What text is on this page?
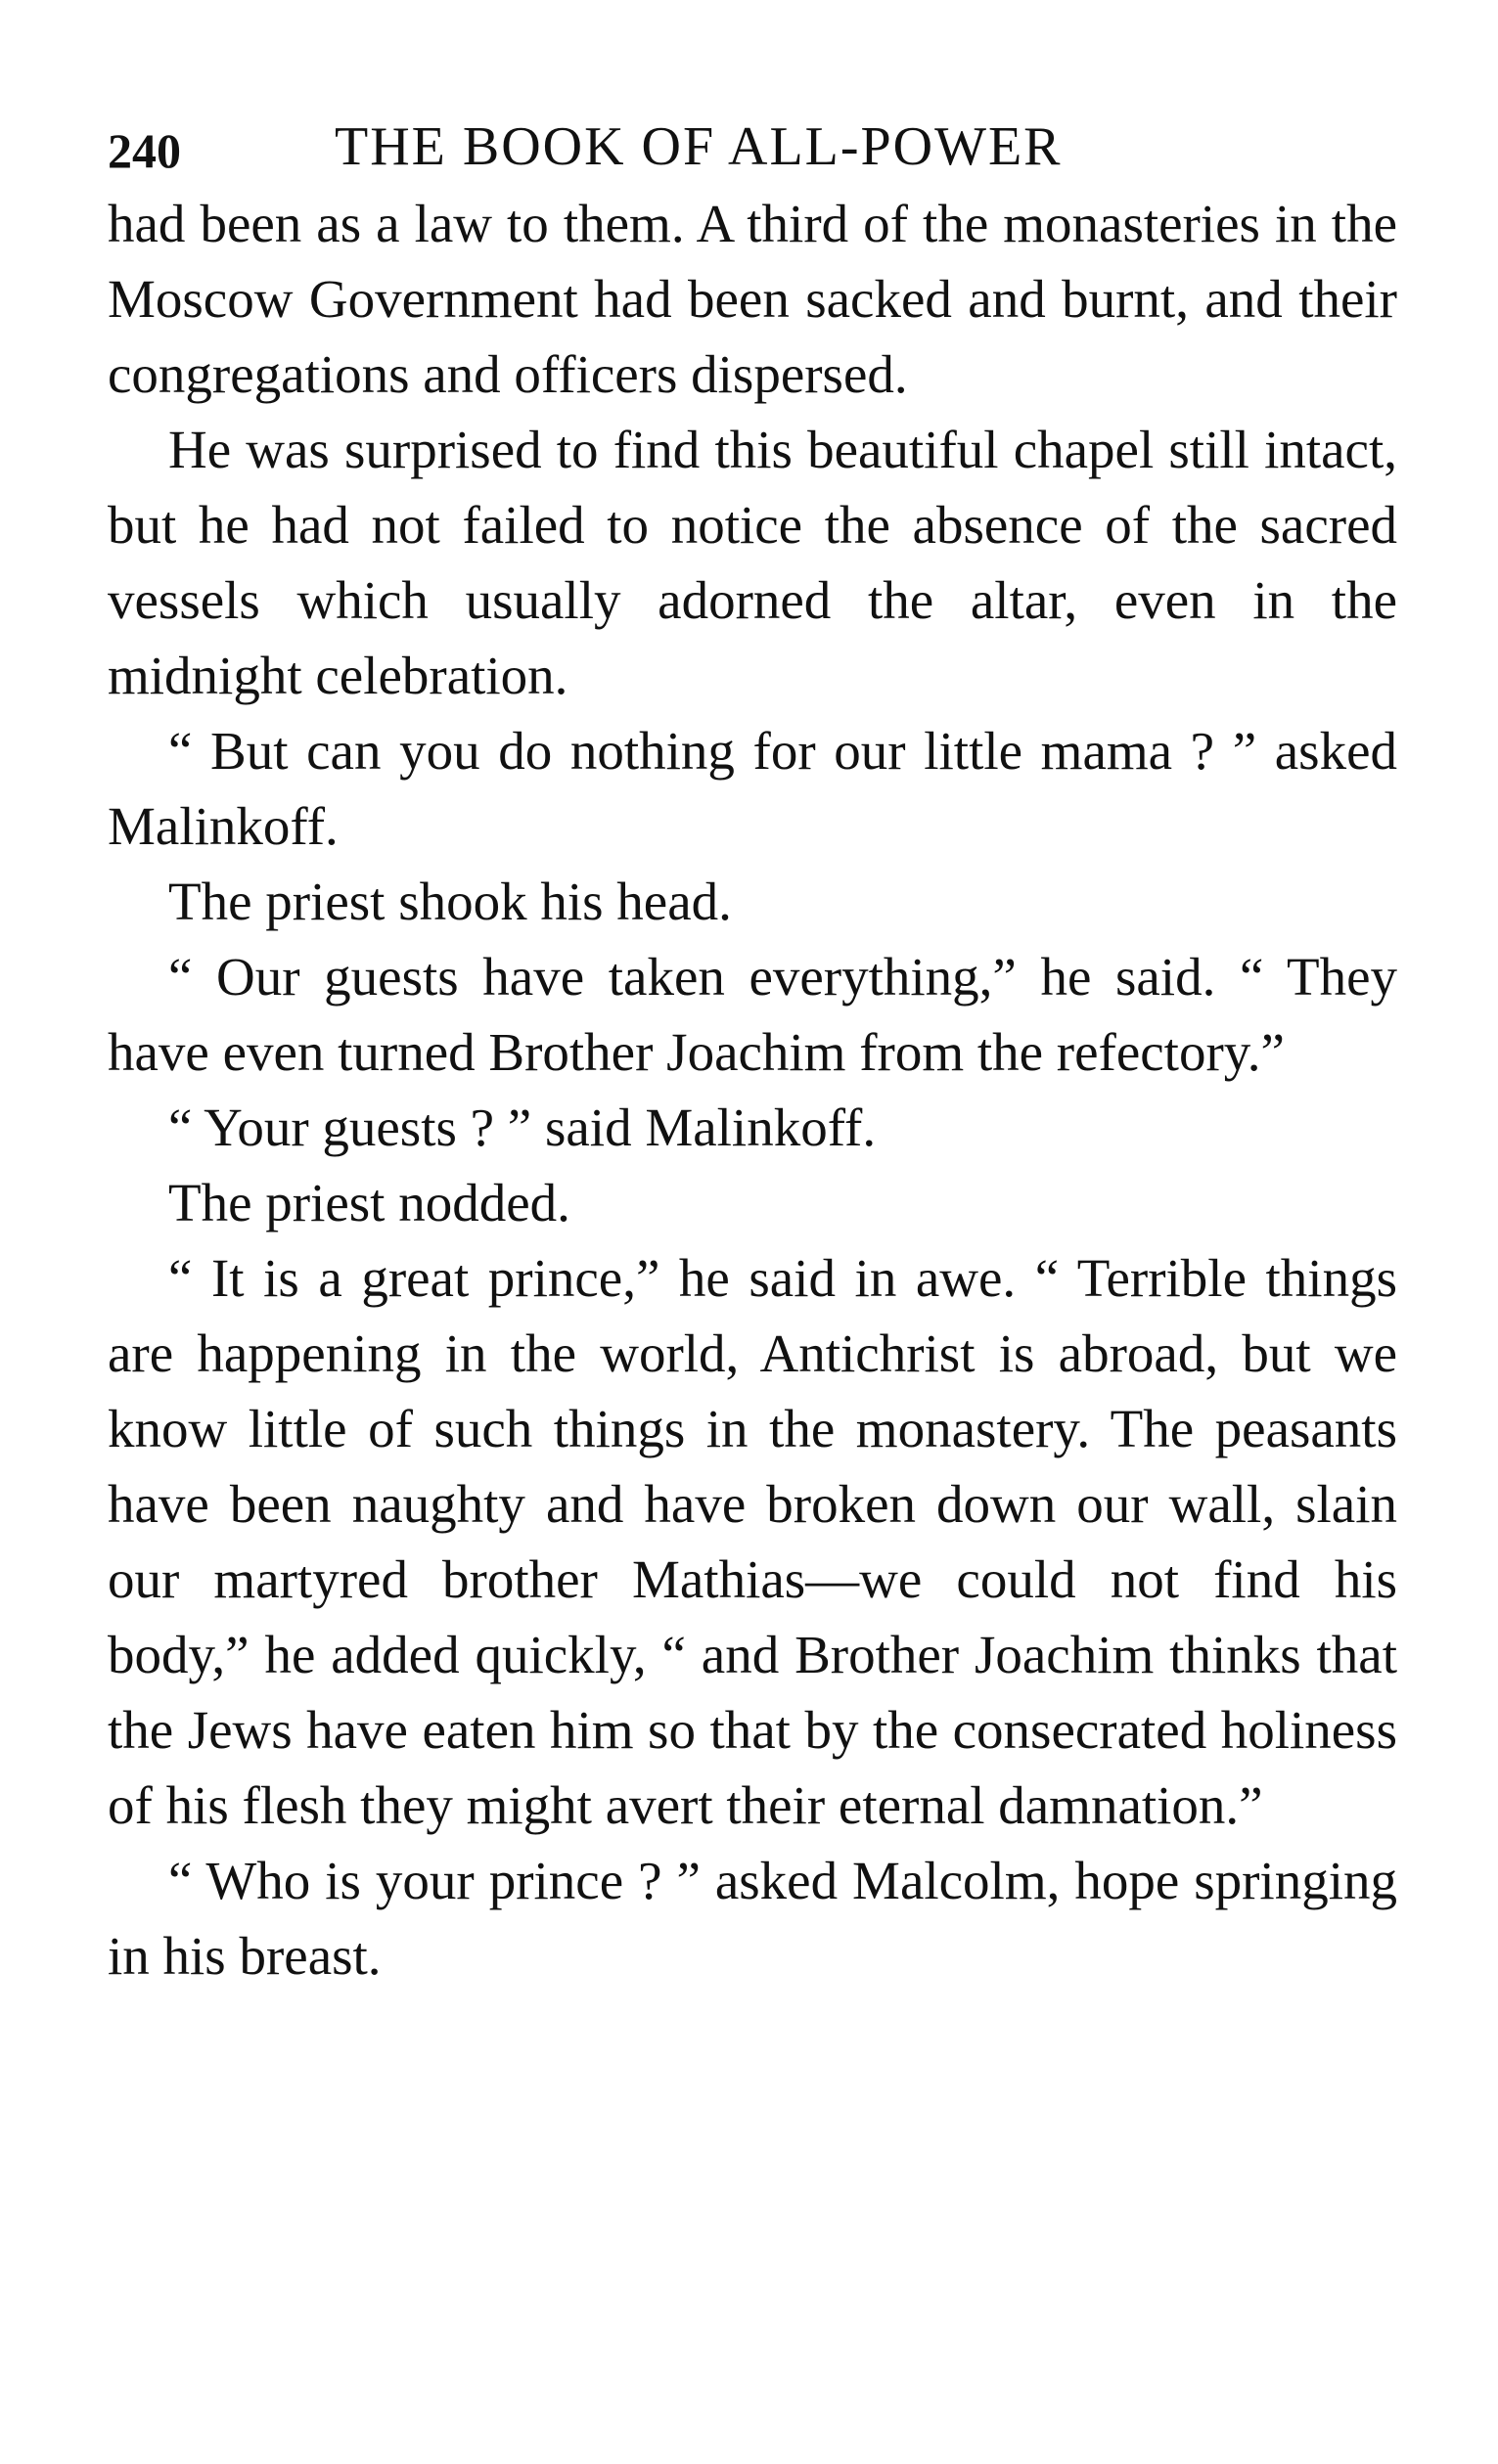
240	THE BOOK OF ALL-POWER

had been as a law to them. A third of the monasteries in the Moscow Government had been sacked and burnt, and their congregations and officers dispersed.

He was surprised to find this beautiful chapel still intact, but he had not failed to notice the absence of the sacred vessels which usually adorned the altar, even in the midnight celebration.

“ But can you do nothing for our little mama ? ” asked Malinkoff.

The priest shook his head.

“ Our guests have taken everything,” he said. “ They have even turned Brother Joachim from the refectory.”

“ Your guests ? ” said Malinkoff.

The priest nodded.

“ It is a great prince,” he said in awe. “ Terrible things are happening in the world, Antichrist is abroad, but we know little of such things in the monastery. The peasants have been naughty and have broken down our wall, slain our martyred brother Mathias—we could not find his body,” he added quickly, “ and Brother Joachim thinks that the Jews have eaten him so that by the consecrated holiness of his flesh they might avert their eternal damnation.”

“ Who is your prince ? ” asked Malcolm, hope springing in his breast.
